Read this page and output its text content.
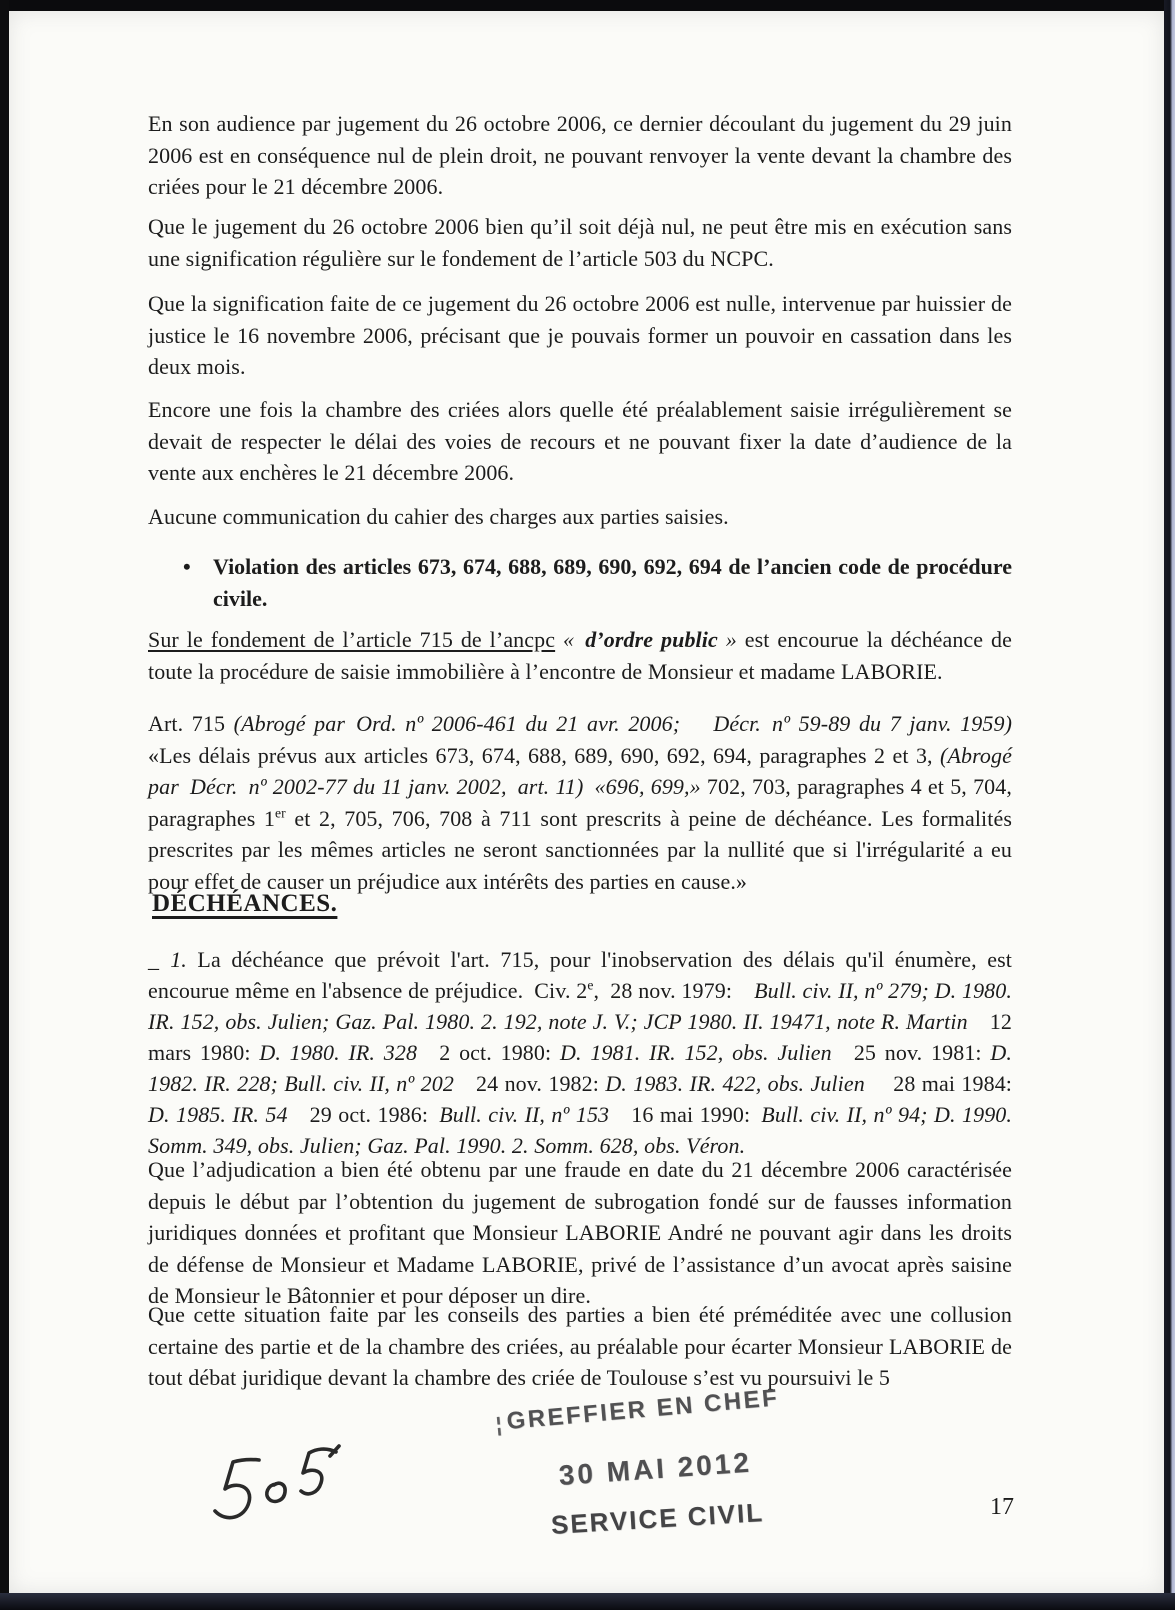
En son audience par jugement du 26 octobre 2006, ce dernier découlant du jugement du 29 juin 2006 est en conséquence nul de plein droit, ne pouvant renvoyer la vente devant la chambre des criées pour le 21 décembre 2006.
Que le jugement du 26 octobre 2006 bien qu’il soit déjà nul, ne peut être mis en exécution sans une signification régulière sur le fondement de l’article 503 du NCPC.
Que la signification faite de ce jugement du 26 octobre 2006 est nulle, intervenue par huissier de justice le 16 novembre 2006, précisant que je pouvais former un pouvoir en cassation dans les deux mois.
Encore une fois la chambre des criées alors quelle été préalablement saisie irrégulièrement se devait de respecter le délai des voies de recours et ne pouvant fixer la date d’audience de la vente aux enchères le 21 décembre 2006.
Aucune communication du cahier des charges aux parties saisies.
•	Violation des articles 673, 674, 688, 689, 690, 692, 694 de l’ancien code de procédure civile.
Sur le fondement de l’article 715 de l’ancpc « d’ordre public » est encourue la déchéance de toute la procédure de saisie immobilière à l’encontre de Monsieur et madame LABORIE.
Art. 715 (Abrogé par Ord. nº 2006-461 du 21 avr. 2006;  Décr. nº 59-89 du 7 janv. 1959) «Les délais prévus aux articles 673, 674, 688, 689, 690, 692, 694, paragraphes 2 et 3, (Abrogé par Décr. nº 2002-77 du 11 janv. 2002, art. 11) «696, 699,» 702, 703, paragraphes 4 et 5, 704, paragraphes 1er et 2, 705, 706, 708 à 711 sont prescrits à peine de déchéance. Les formalités prescrites par les mêmes articles ne seront sanctionnées par la nullité que si l'irrégularité a eu pour effet de causer un préjudice aux intérêts des parties en cause.»
DÉCHÉANCES.
_ 1. La déchéance que prévoit l'art. 715, pour l'inobservation des délais qu'il énumère, est encourue même en l'absence de préjudice. Civ. 2e, 28 nov. 1979: Bull. civ. II, nº 279; D. 1980. IR. 152, obs. Julien; Gaz. Pal. 1980. 2. 192, note J. V.; JCP 1980. II. 19471, note R. Martin 12 mars 1980: D. 1980. IR. 328 2 oct. 1980: D. 1981. IR. 152, obs. Julien 25 nov. 1981: D. 1982. IR. 228; Bull. civ. II, nº 202 24 nov. 1982: D. 1983. IR. 422, obs. Julien  28 mai 1984: D. 1985. IR. 54 29 oct. 1986: Bull. civ. II, nº 153 16 mai 1990: Bull. civ. II, nº 94; D. 1990. Somm. 349, obs. Julien; Gaz. Pal. 1990. 2. Somm. 628, obs. Véron.
Que l’adjudication a bien été obtenu par une fraude en date du 21 décembre 2006 caractérisée depuis le début par l’obtention du jugement de subrogation fondé sur de fausses information juridiques données et profitant que Monsieur LABORIE André ne pouvant agir dans les droits de défense de Monsieur et Madame LABORIE, privé de l’assistance d’un avocat après saisine de Monsieur le Bâtonnier et pour déposer un dire.
Que cette situation faite par les conseils des parties a bien été préméditée avec une collusion certaine des partie et de la chambre des criées, au préalable pour écarter Monsieur LABORIE de tout débat juridique devant la chambre des criée de Toulouse s’est vu poursuivi le 5
¦ GREFFIER EN CHEF
30 MAI 2012
SERVICE CIVIL	17
